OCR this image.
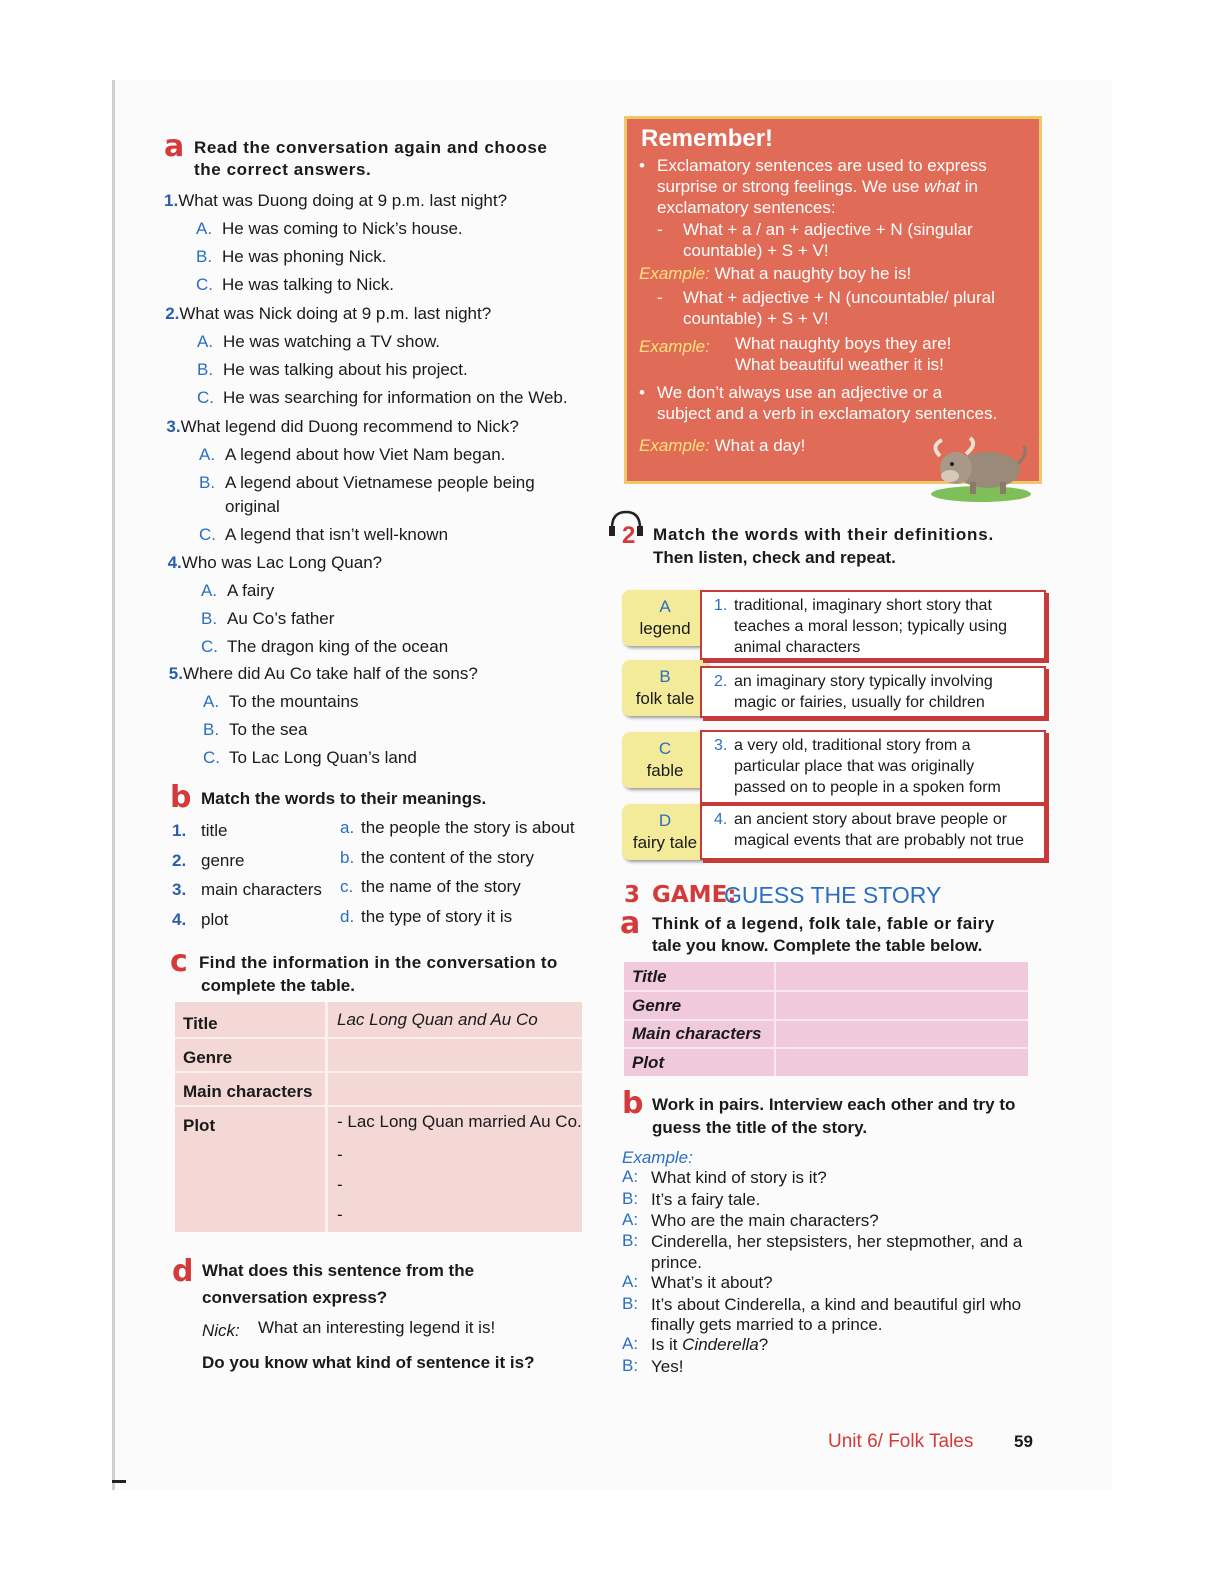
a Read the conversation again and choose
the correct answers.
1.What was Duong doing at 9 p.m. last night?
A. He was coming to Nick’s house.
B. He was phoning Nick.
C. He was talking to Nick.
2.What was Nick doing at 9 p.m. last night?
A. He was watching a TV show.
B. He was talking about his project.
C. He was searching for information on the Web.
3.What legend did Duong recommend to Nick?
A. A legend about how Viet Nam began.
B. A legend about Vietnamese people being
original
C. A legend that isn’t well-known
4.Who was Lac Long Quan?
A. A fairy
B. Au Co’s father
C. The dragon king of the ocean
5.Where did Au Co take half of the sons?
A. To the mountains
B. To the sea
C. To Lac Long Quan’s land
b Match the words to their meanings.
1. title
2. genre
3. main characters
4. plot
a. the people the story is about
b. the content of the story
c. the name of the story
d. the type of story it is
c Find the information in the conversation to
complete the table.
Title	Lac Long Quan and Au Co
Genre
Main characters
Plot	- Lac Long Quan married Au Co.
-
-
-
d What does this sentence from the
conversation express?
Nick: What an interesting legend it is!
Do you know what kind of sentence it is?
Remember!
• Exclamatory sentences are used to express
surprise or strong feelings. We use what in
exclamatory sentences:
- What + a / an + adjective + N (singular
countable) + S + V!
Example: What a naughty boy he is!
- What + adjective + N (uncountable/ plural
countable) + S + V!
Example: What naughty boys they are!
What beautiful weather it is!
• We don’t always use an adjective or a
subject and a verb in exclamatory sentences.
Example: What a day!
2 Match the words with their definitions.
Then listen, check and repeat.
A
legend
B
folk tale
C
fable
D
fairy tale
1. traditional, imaginary short story that
teaches a moral lesson; typically using
animal characters
2. an imaginary story typically involving
magic or fairies, usually for children
3. a very old, traditional story from a
particular place that was originally
passed on to people in a spoken form
4. an ancient story about brave people or
magical events that are probably not true
3 GAME:
GUESS THE STORY
a Think of a legend, folk tale, fable or fairy
tale you know. Complete the table below.
Title
Genre
Main characters
Plot
b Work in pairs. Interview each other and try to
guess the title of the story.
Example:
A: What kind of story is it?
B: It’s a fairy tale.
A: Who are the main characters?
B: Cinderella, her stepsisters, her stepmother, and a
prince.
A: What’s it about?
B: It’s about Cinderella, a kind and beautiful girl who
finally gets married to a prince.
A: Is it Cinderella?
B: Yes!
Unit 6/ Folk Tales 59
